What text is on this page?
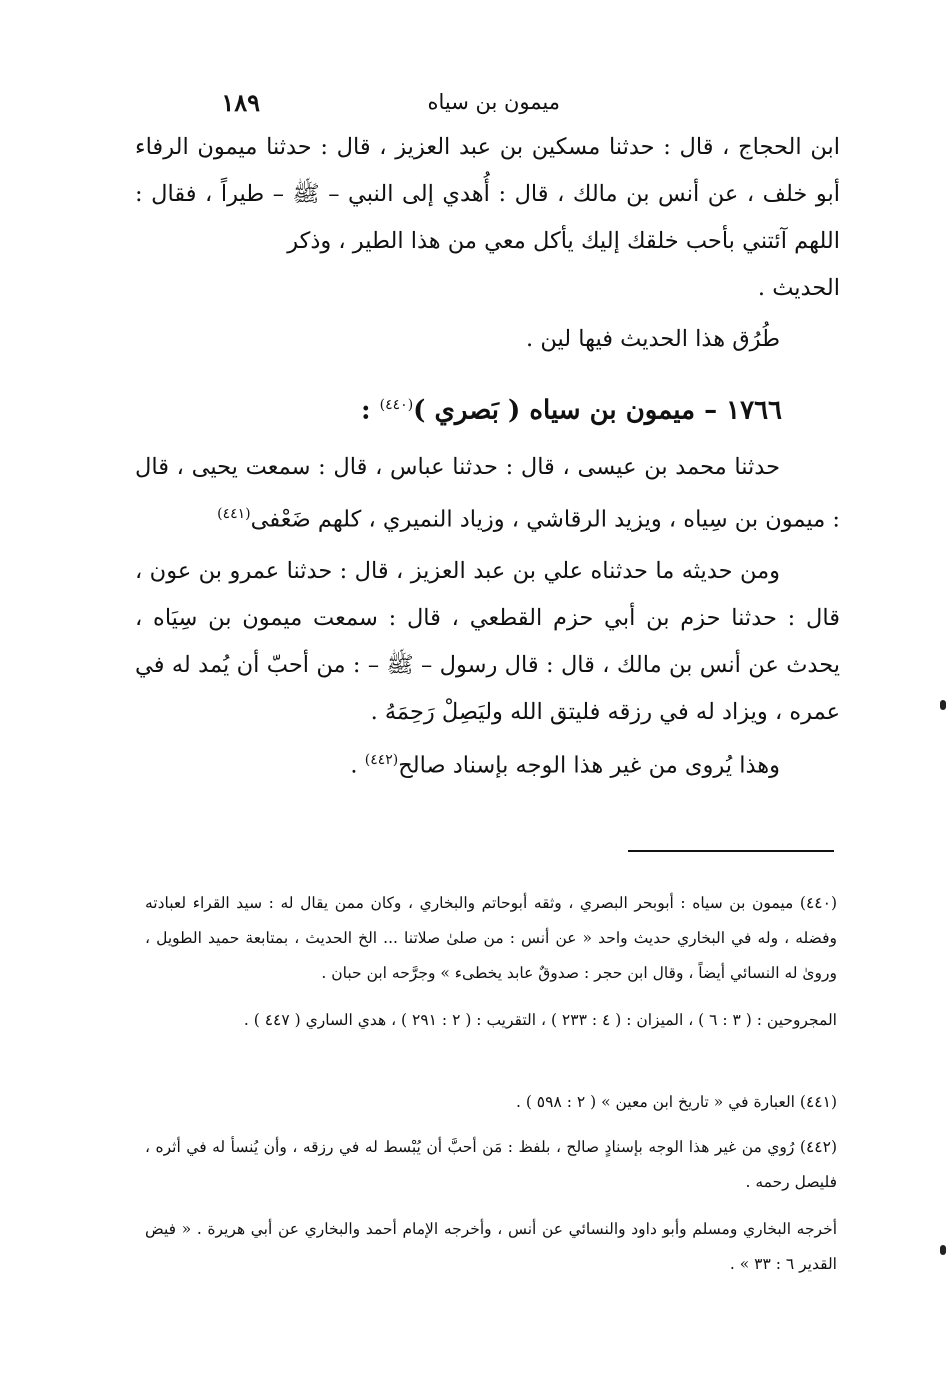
ميمون بن سياه
١٨٩
ابن الحجاج ، قال : حدثنا مسكين بن عبد العزيز ، قال : حدثنا ميمون الرفاء أبو خلف ، عن أنس بن مالك ، قال : أُهدي إلى النبي – ﷺ – طيراً ، فقال : اللهم آئتني بأحب خلقك إليك يأكل معي من هذا الطير ، وذكر
الحديث .
طُرُق هذا الحديث فيها لين .
١٧٦٦ – ميمون بن سياه ( بَصري )$^{(٤٤٠)}$ :
حدثنا محمد بن عيسى ، قال : حدثنا عباس ، قال : سمعت يحيى ، قال : ميمون بن سِياه ، ويزيد الرقاشي ، وزياد النميري ، كلهم ضَعْفى$^{(٤٤١)}$
ومن حديثه ما حدثناه علي بن عبد العزيز ، قال : حدثنا عمرو بن عون ، قال : حدثنا حزم بن أبي حزم القطعي ، قال : سمعت ميمون بن سِيَاه ، يحدث عن أنس بن مالك ، قال : قال رسول – ﷺ – : من أحبّ أن يُمد له في عمره ، ويزاد له في رزقه فليتق الله وليَصِلْ رَحِمَهُ .
وهذا يُروى من غير هذا الوجه بإسناد صالح$^{(٤٤٢)}$ .
(٤٤٠) ميمون بن سياه : أبوبحر البصري ، وثقه أبوحاتم والبخاري ، وكان ممن يقال له : سيد القراء لعبادته وفضله ، وله في البخاري حديث واحد « عن أنس : من صلىٰ صلاتنا ... الخ الحديث ، بمتابعة حميد الطويل ، وروىٰ له النسائي أيضاً ، وقال ابن حجر : صدوقٌ عابد يخطىء » وجرَّحه ابن حبان .
المجروحين : ( ٣ : ٦ ) ، الميزان : ( ٤ : ٢٣٣ ) ، التقريب : ( ٢ : ٢٩١ ) ، هدي الساري ( ٤٤٧ ) .
(٤٤١) العبارة في « تاريخ ابن معين » ( ٢ : ٥٩٨ ) .
(٤٤٢) رُوي من غير هذا الوجه بإسنادٍ صالح ، بلفظ : مَن أحبَّ أن يُبْسط له في رزقه ، وأن يُنسأ له في أثره ، فليصل رحمه .
أخرجه البخاري ومسلم وأبو داود والنسائي عن أنس ، وأخرجه الإمام أحمد والبخاري عن أبي هريرة . « فيض القدير ٦ : ٣٣ » .
